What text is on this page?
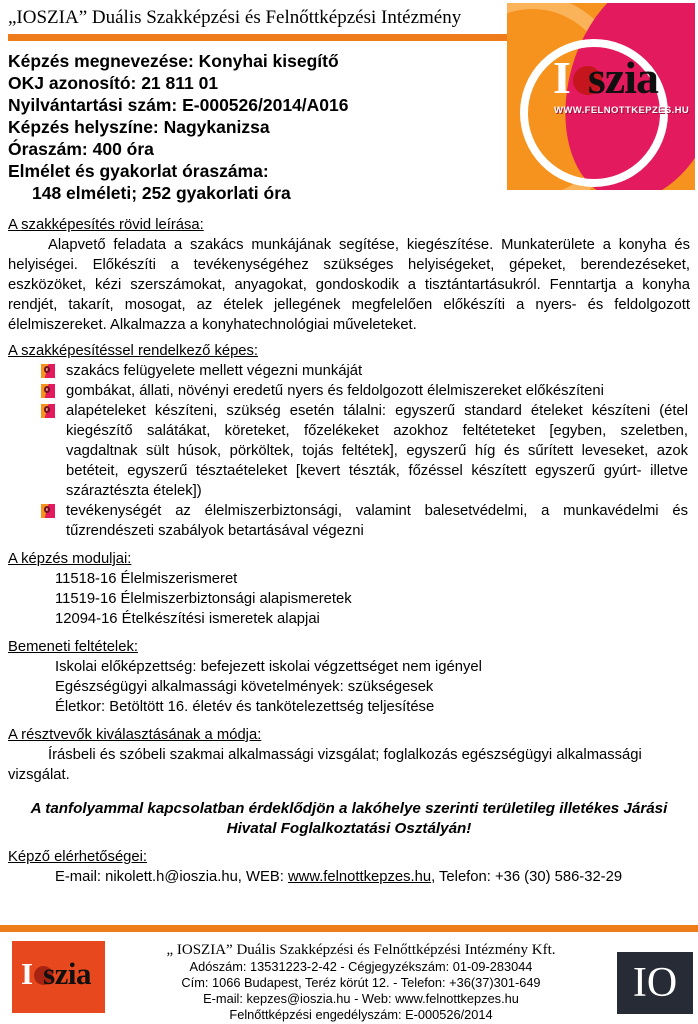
„IOSZIA” Duális Szakképzési és Felnőttképzési Intézmény
I szia
WWW.FELNOTTKEPZES.HU
Képzés megnevezése: Konyhai kisegítő
OKJ azonosító: 21 811 01
Nyilvántartási szám: E-000526/2014/A016
Képzés helyszíne: Nagykanizsa
Óraszám: 400 óra
Elmélet és gyakorlat óraszáma:
148 elméleti; 252 gyakorlati óra
A szakképesítés rövid leírása:

Alapvető feladata a szakács munkájának segítése, kiegészítése. Munkaterülete a konyha és helyiségei. Előkészíti a tevékenységéhez szükséges helyiségeket, gépeket, berendezéseket, eszközöket, kézi szerszámokat, anyagokat, gondoskodik a tisztántartásukról. Fenntartja a konyha rendjét, takarít, mosogat, az ételek jellegének megfelelően előkészíti a nyers- és feldolgozott élelmiszereket. Alkalmazza a konyhatechnológiai műveleteket.

A szakképesítéssel rendelkező képes:
szakács felügyelete mellett végezni munkáját
gombákat, állati, növényi eredetű nyers és feldolgozott élelmiszereket előkészíteni
alapételeket készíteni, szükség esetén tálalni: egyszerű standard ételeket készíteni (étel kiegészítő salátákat, köreteket, főzelékeket azokhoz feltéteteket [egyben, szeletben, vagdaltnak sült húsok, pörköltek, tojás feltétek], egyszerű híg és sűrített leveseket, azok betéteit, egyszerű tésztaételeket [kevert tészták, főzéssel készített egyszerű gyúrt- illetve száraztészta ételek])
tevékenységét az élelmiszerbiztonsági, valamint balesetvédelmi, a munkavédelmi és tűzrendészeti szabályok betartásával végezni
A képzés moduljai:
11518-16 Élelmiszerismeret
11519-16 Élelmiszerbiztonsági alapismeretek
12094-16 Ételkészítési ismeretek alapjai
Bemeneti feltételek:
Iskolai előképzettség: befejezett iskolai végzettséget nem igényel
Egészségügyi alkalmassági követelmények: szükségesek
Életkor: Betöltött 16. életév és tankötelezettség teljesítése
A résztvevők kiválasztásának a módja:

Írásbeli és szóbeli szakmai alkalmassági vizsgálat; foglalkozás egészségügyi alkalmassági vizsgálat.

A tanfolyammal kapcsolatban érdeklődjön a lakóhelye szerinti területileg illetékes Járási Hivatal Foglalkoztatási Osztályán!
Képző elérhetőségei:
E-mail: nikolett.h@ioszia.hu, WEB: www.felnottkepzes.hu, Telefon: +36 (30) 586-32-29
I szia
„ IOSZIA” Duális Szakképzési és Felnőttképzési Intézmény Kft.
Adószám: 13531223-2-42 - Cégjegyzékszám: 01-09-283044
Cím: 1066 Budapest, Teréz körút 12. - Telefon: +36(37)301-649
E-mail: kepzes@ioszia.hu - Web: www.felnottkepzes.hu
Felnőttképzési engedélyszám: E-000526/2014
IO
